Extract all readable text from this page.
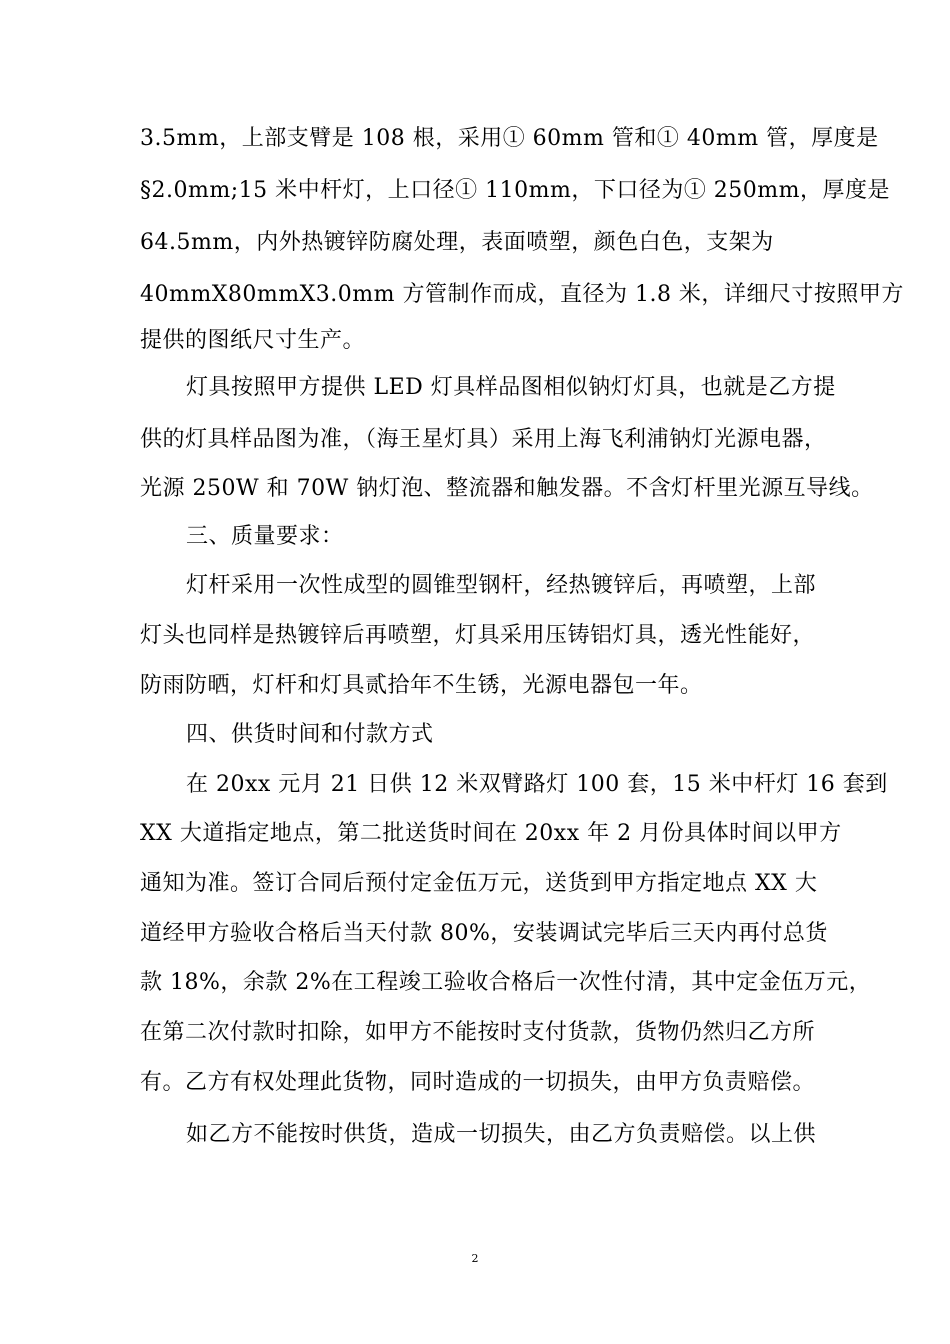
3.5mm，上部支臂是 108 根，采用① 60mm 管和① 40mm 管，厚度是
§2.0mm;15 米中杆灯，上口径① 110mm，下口径为① 250mm，厚度是
64.5mm，内外热镀锌防腐处理，表面喷塑，颜色白色，支架为
40mmX80mmX3.0mm 方管制作而成，直径为 1.8 米，详细尺寸按照甲方
提供的图纸尺寸生产。
灯具按照甲方提供 LED 灯具样品图相似钠灯灯具，也就是乙方提
供的灯具样品图为准，（海王星灯具）采用上海飞利浦钠灯光源电器，
光源 250W 和 70W 钠灯泡、整流器和触发器。不含灯杆里光源互导线。
三、质量要求：
灯杆采用一次性成型的圆锥型钢杆，经热镀锌后，再喷塑，上部
灯头也同样是热镀锌后再喷塑，灯具采用压铸铝灯具，透光性能好，
防雨防晒，灯杆和灯具贰拾年不生锈，光源电器包一年。
四、供货时间和付款方式
在 20xx 元月 21 日供 12 米双臂路灯 100 套，15 米中杆灯 16 套到
XX 大道指定地点，第二批送货时间在 20xx 年 2 月份具体时间以甲方
通知为准。签订合同后预付定金伍万元，送货到甲方指定地点 XX 大
道经甲方验收合格后当天付款 80%，安装调试完毕后三天内再付总货
款 18%，余款 2%在工程竣工验收合格后一次性付清，其中定金伍万元，
在第二次付款时扣除，如甲方不能按时支付货款，货物仍然归乙方所
有。乙方有权处理此货物，同时造成的一切损失，由甲方负责赔偿。
如乙方不能按时供货，造成一切损失，由乙方负责赔偿。以上供
2
